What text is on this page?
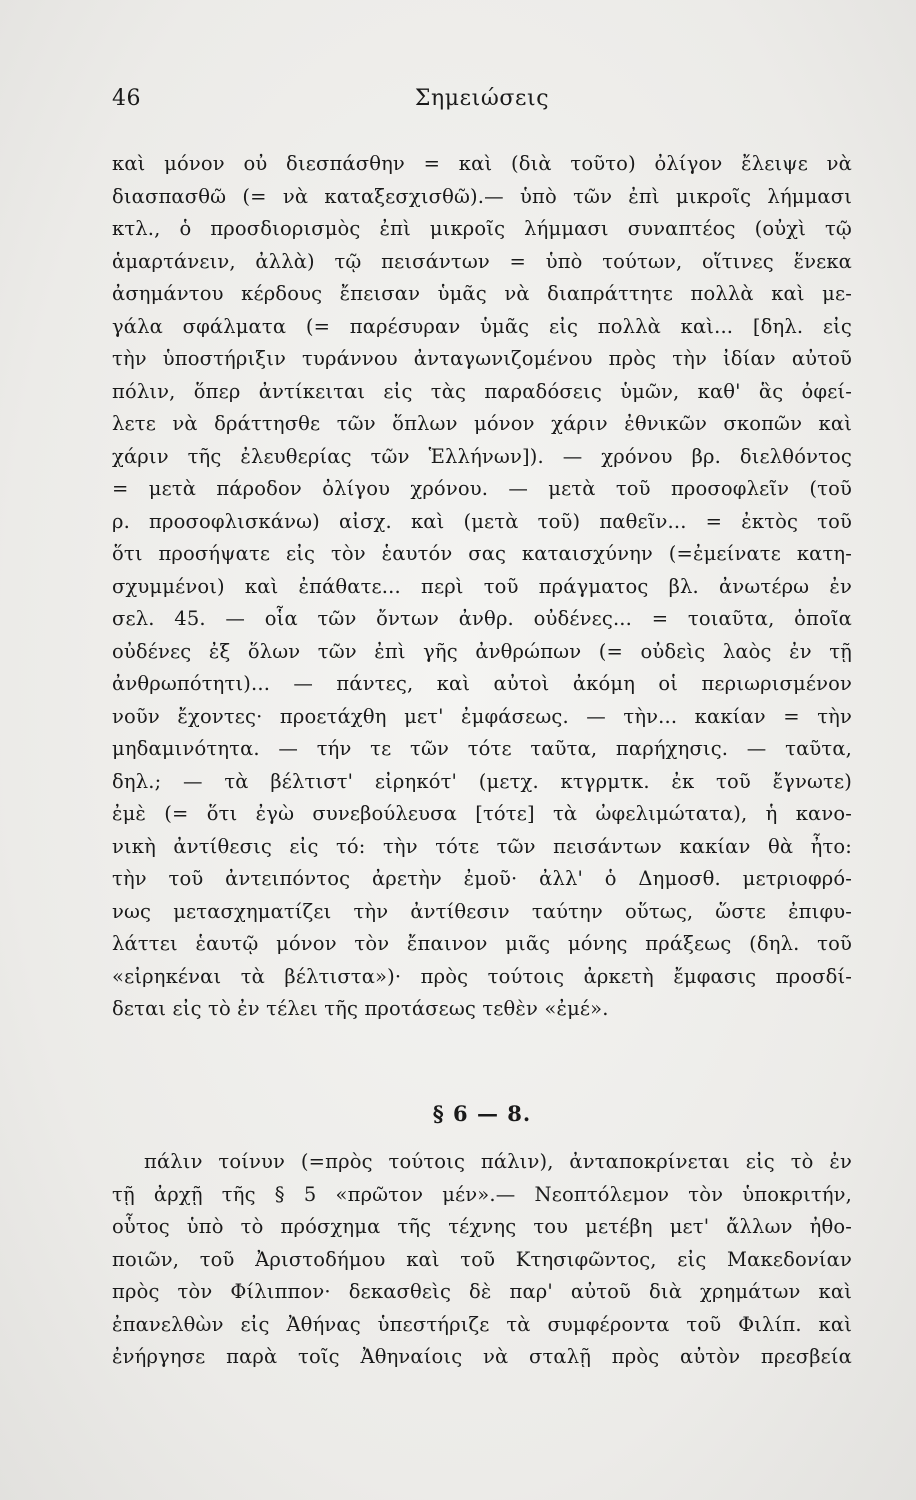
46	Σημειώσεις
καὶ μόνον οὐ διεσπάσθην = καὶ (διὰ τοῦτο) ὀλίγον ἔλειψε νὰ
διασπασθῶ (= νὰ καταξεσχισθῶ).— ὑπὸ τῶν ἐπὶ μικροῖς λήμμασι
κτλ., ὁ προσδιορισμὸς ἐπὶ μικροῖς λήμμασι συναπτέος (οὐχὶ τῷ
ἁμαρτάνειν, ἀλλὰ) τῷ πεισάντων = ὑπὸ τούτων, οἵτινες ἕνεκα
ἀσημάντου κέρδους ἔπεισαν ὑμᾶς νὰ διαπράττητε πολλὰ καὶ με-
γάλα σφάλματα (= παρέσυραν ὑμᾶς εἰς πολλὰ καὶ... [δηλ. εἰς
τὴν ὑποστήριξιν τυράννου ἀνταγωνιζομένου πρὸς τὴν ἰδίαν αὐτοῦ
πόλιν, ὅπερ ἀντίκειται εἰς τὰς παραδόσεις ὑμῶν, καθ' ἃς ὀφεί-
λετε νὰ δράττησθε τῶν ὅπλων μόνον χάριν ἐθνικῶν σκοπῶν καὶ
χάριν τῆς ἐλευθερίας τῶν Ἑλλήνων]). — χρόνου βρ. διελθόντος
= μετὰ πάροδον ὀλίγου χρόνου. — μετὰ τοῦ προσοφλεῖν (τοῦ
ρ. προσοφλισκάνω) αἰσχ. καὶ (μετὰ τοῦ) παθεῖν... = ἐκτὸς τοῦ
ὅτι προσήψατε εἰς τὸν ἑαυτόν σας καταισχύνην (=ἐμείνατε κατη-
σχυμμένοι) καὶ ἐπάθατε... περὶ τοῦ πράγματος βλ. ἀνωτέρω ἐν
σελ. 45. — οἷα τῶν ὄντων ἀνθρ. οὐδένες... = τοιαῦτα, ὁποῖα
οὐδένες ἐξ ὅλων τῶν ἐπὶ γῆς ἀνθρώπων (= οὐδεὶς λαὸς ἐν τῇ
ἀνθρωπότητι)... — πάντες, καὶ αὐτοὶ ἀκόμη οἱ περιωρισμένον
νοῦν ἔχοντες· προετάχθη μετ' ἐμφάσεως. — τὴν... κακίαν = τὴν
μηδαμινότητα. — τήν τε τῶν τότε ταῦτα, παρήχησις. — ταῦτα,
δηλ.; — τὰ βέλτιστ' εἰρηκότ' (μετχ. κτγρμτκ. ἐκ τοῦ ἔγνωτε)
ἐμὲ (= ὅτι ἐγὼ συνεβούλευσα [τότε] τὰ ὠφελιμώτατα), ἡ κανο-
νικὴ ἀντίθεσις εἰς τό: τὴν τότε τῶν πεισάντων κακίαν θὰ ἦτο:
τὴν τοῦ ἀντειπόντος ἀρετὴν ἐμοῦ· ἀλλ' ὁ Δημοσθ. μετριοφρό-
νως μετασχηματίζει τὴν ἀντίθεσιν ταύτην οὕτως, ὥστε ἐπιφυ-
λάττει ἑαυτῷ μόνον τὸν ἔπαινον μιᾶς μόνης πράξεως (δηλ. τοῦ
«εἰρηκέναι τὰ βέλτιστα»)· πρὸς τούτοις ἀρκετὴ ἔμφασις προσδί-
δεται εἰς τὸ ἐν τέλει τῆς προτάσεως τεθὲν «ἐμέ».
§ 6 — 8.
πάλιν τοίνυν (=πρὸς τούτοις πάλιν), ἀνταποκρίνεται εἰς τὸ ἐν
τῇ ἀρχῇ τῆς § 5 «πρῶτον μέν».— Νεοπτόλεμον τὸν ὑποκριτήν,
οὗτος ὑπὸ τὸ πρόσχημα τῆς τέχνης του μετέβη μετ' ἄλλων ἠθο-
ποιῶν, τοῦ Ἀριστοδήμου καὶ τοῦ Κτησιφῶντος, εἰς Μακεδονίαν
πρὸς τὸν Φίλιππον· δεκασθεὶς δὲ παρ' αὐτοῦ διὰ χρημάτων καὶ
ἐπανελθὼν εἰς Ἀθήνας ὑπεστήριζε τὰ συμφέροντα τοῦ Φιλίπ. καὶ
ἐνήργησε παρὰ τοῖς Ἀθηναίοις νὰ σταλῇ πρὸς αὐτὸν πρεσβεία
